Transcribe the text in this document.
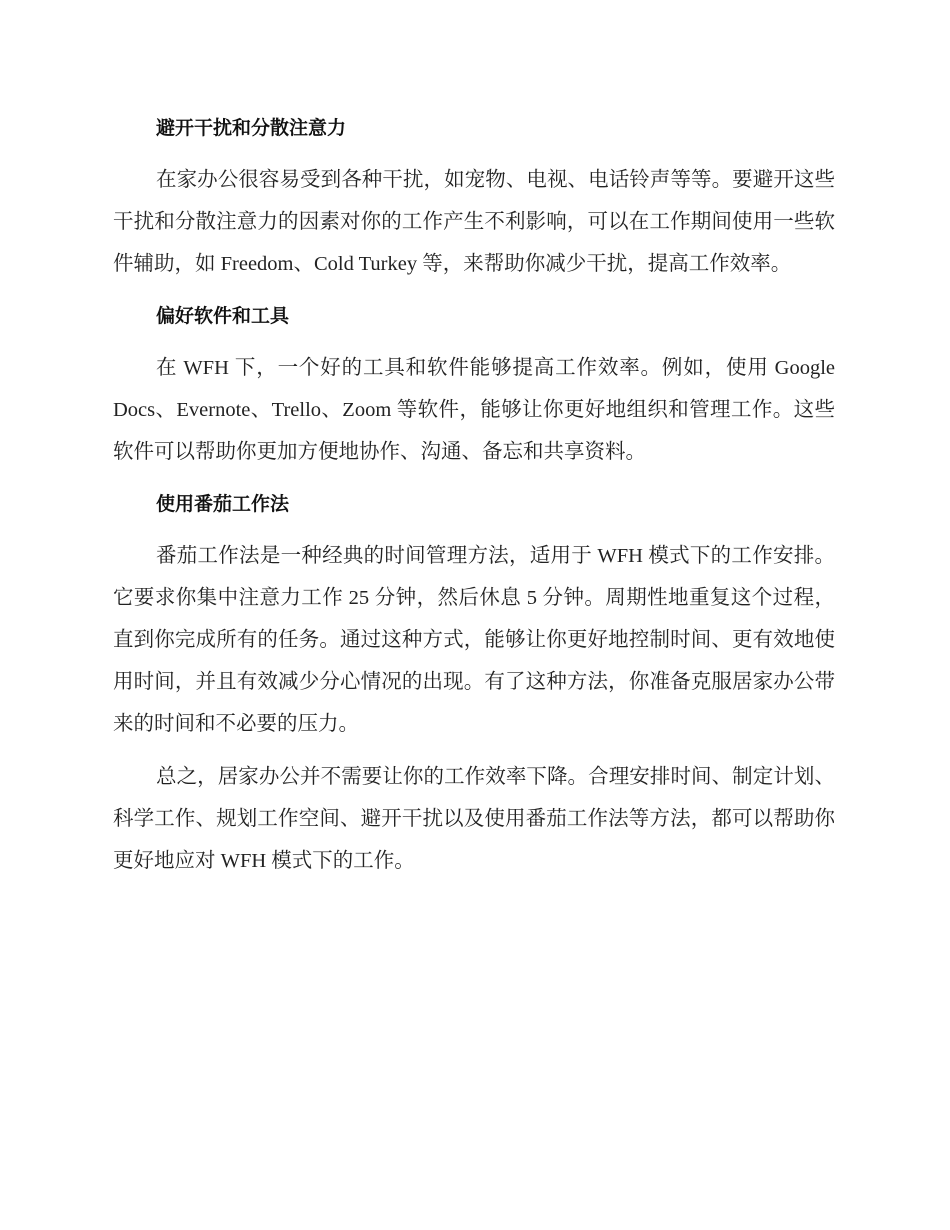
避开干扰和分散注意力

在家办公很容易受到各种干扰，如宠物、电视、电话铃声等等。要避开这些干扰和分散注意力的因素对你的工作产生不利影响，可以在工作期间使用一些软件辅助，如 Freedom、Cold Turkey 等，来帮助你减少干扰，提高工作效率。

偏好软件和工具

在 WFH 下，一个好的工具和软件能够提高工作效率。例如，使用 Google Docs、Evernote、Trello、Zoom 等软件，能够让你更好地组织和管理工作。这些软件可以帮助你更加方便地协作、沟通、备忘和共享资料。

使用番茄工作法

番茄工作法是一种经典的时间管理方法，适用于 WFH 模式下的工作安排。它要求你集中注意力工作 25 分钟，然后休息 5 分钟。周期性地重复这个过程，直到你完成所有的任务。通过这种方式，能够让你更好地控制时间、更有效地使用时间，并且有效减少分心情况的出现。有了这种方法，你准备克服居家办公带来的时间和不必要的压力。

总之，居家办公并不需要让你的工作效率下降。合理安排时间、制定计划、科学工作、规划工作空间、避开干扰以及使用番茄工作法等方法，都可以帮助你更好地应对 WFH 模式下的工作。
